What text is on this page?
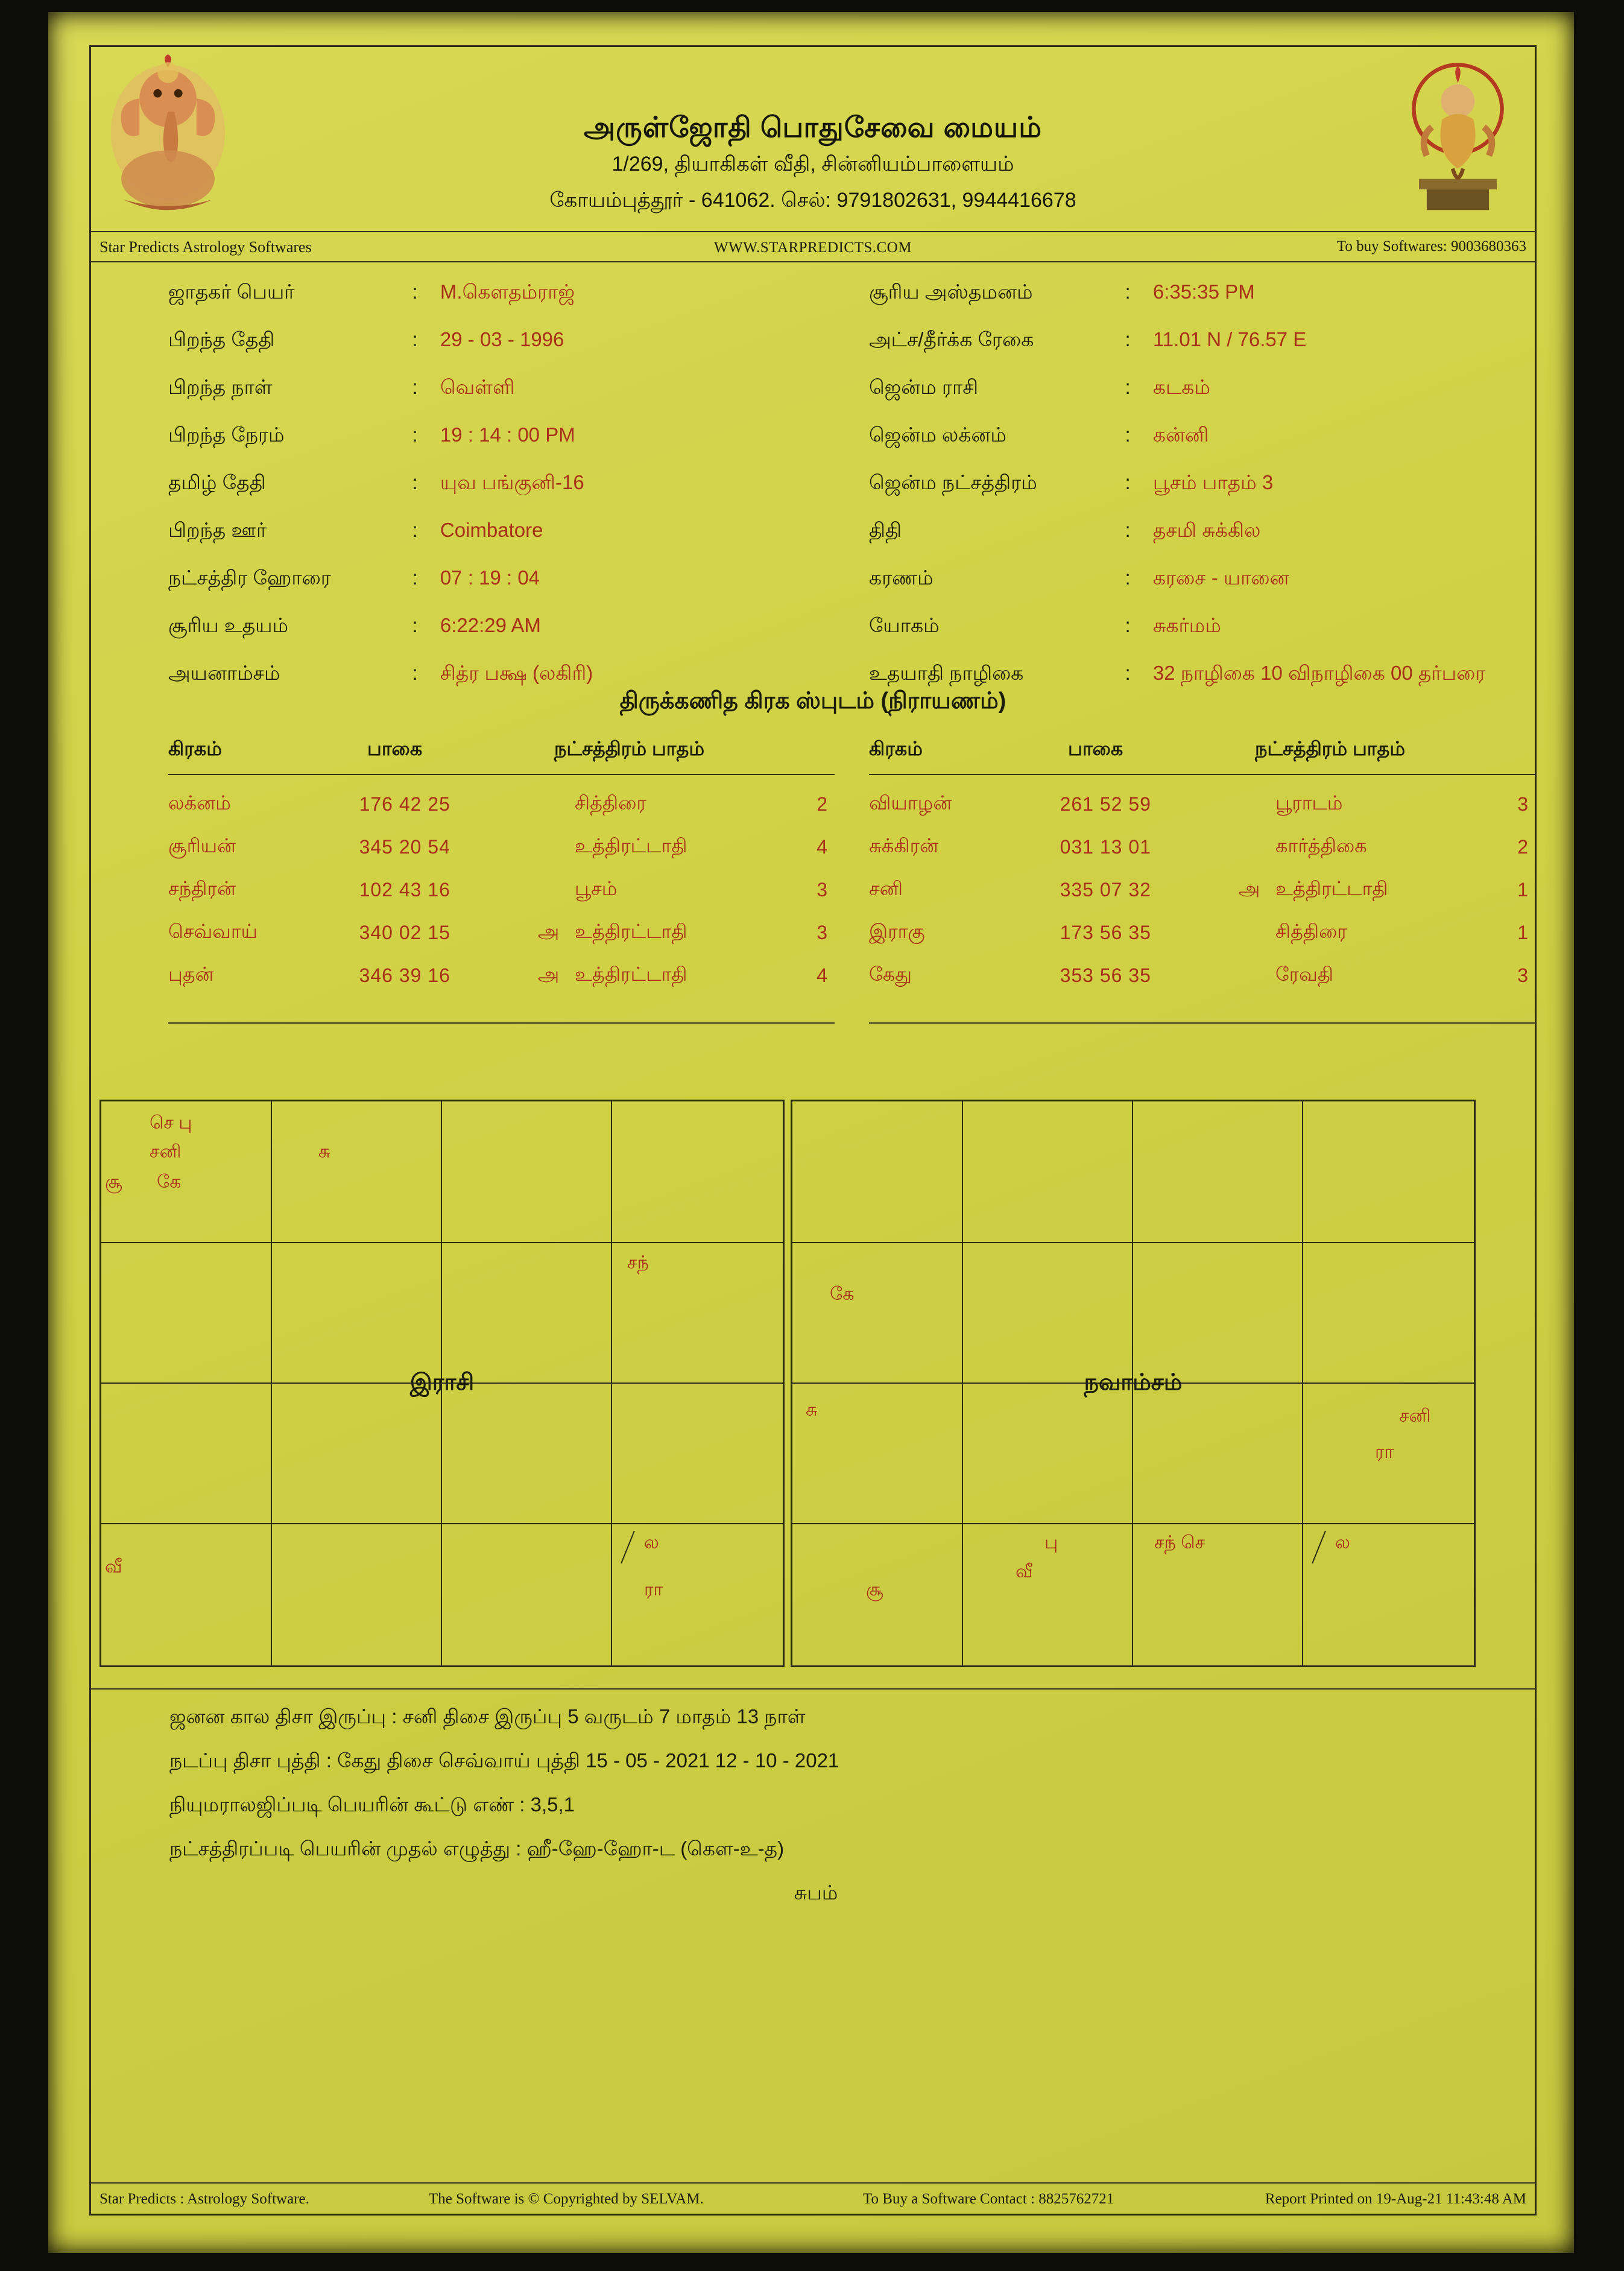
அருள்ஜோதி பொதுசேவை மையம்
1/269, தியாகிகள் வீதி, சின்னியம்பாளையம்
கோயம்புத்தூர் - 641062. செல்: 9791802631, 9944416678
Star Predicts Astrology Softwares	WWW.STARPREDICTS.COM	To buy Softwares: 9003680363
ஜாதகர் பெயர்	: M.கௌதம்ராஜ்
பிறந்த தேதி	: 29 - 03 - 1996
பிறந்த நாள்	: வெள்ளி
பிறந்த நேரம்	: 19 : 14 : 00 PM
தமிழ் தேதி	: யுவ பங்குனி-16
பிறந்த ஊர்	: Coimbatore
நட்சத்திர ஹோரை	: 07 : 19 : 04
சூரிய உதயம்	: 6:22:29 AM
அயனாம்சம்	: சித்ர பக்ஷ (லகிரி)
சூரிய அஸ்தமனம்	: 6:35:35 PM
அட்ச/தீர்க்க ரேகை	: 11.01 N / 76.57 E
ஜென்ம ராசி	: கடகம்
ஜென்ம லக்னம்	: கன்னி
ஜென்ம நட்சத்திரம்	: பூசம் பாதம் 3
திதி	: தசமி சுக்கில
கரணம்	: கரசை - யானை
யோகம்	: சுகர்மம்
உதயாதி நாழிகை	: 32 நாழிகை 10 விநாழிகை 00 தர்பரை
திருக்கணித கிரக ஸ்புடம் (நிராயணம்)
கிரகம்	பாகை	நட்சத்திரம் பாதம்
லக்னம்	176 42 25		சித்திரை	2
சூரியன்	345 20 54		உத்திரட்டாதி	4
சந்திரன்	102 43 16		பூசம்	3
செவ்வாய்	340 02 15	அ	உத்திரட்டாதி	3
புதன்	346 39 16	அ	உத்திரட்டாதி	4
கிரகம்	பாகை	நட்சத்திரம் பாதம்
வியாழன்	261 52 59		பூராடம்	3
சுக்கிரன்	031 13 01		கார்த்திகை	2
சனி	335 07 32	அ	உத்திரட்டாதி	1
இராகு	173 56 35		சித்திரை	1
கேது	353 56 35		ரேவதி	3
இராசி
செ பு
சனி
கே
சூ
சு
சந்
வீ
ல
ரா
நவாம்சம்
கே
சு	சனி
ரா
சூ
பு
வீ
சந் செ	ல
ஜனன கால திசா இருப்பு : சனி திசை இருப்பு 5 வருடம் 7 மாதம் 13 நாள்
நடப்பு திசா புத்தி : கேது திசை செவ்வாய் புத்தி 15 - 05 - 2021 12 - 10 - 2021
நியுமராலஜிப்படி பெயரின் கூட்டு எண் : 3,5,1
நட்சத்திரப்படி பெயரின் முதல் எழுத்து : ஹீ-ஹே-ஹோ-ட (கௌ-உ-த)
சுபம்
Star Predicts : Astrology Software.	The Software is © Copyrighted by SELVAM.	To Buy a Software Contact : 8825762721	Report Printed on 19-Aug-21 11:43:48 AM
